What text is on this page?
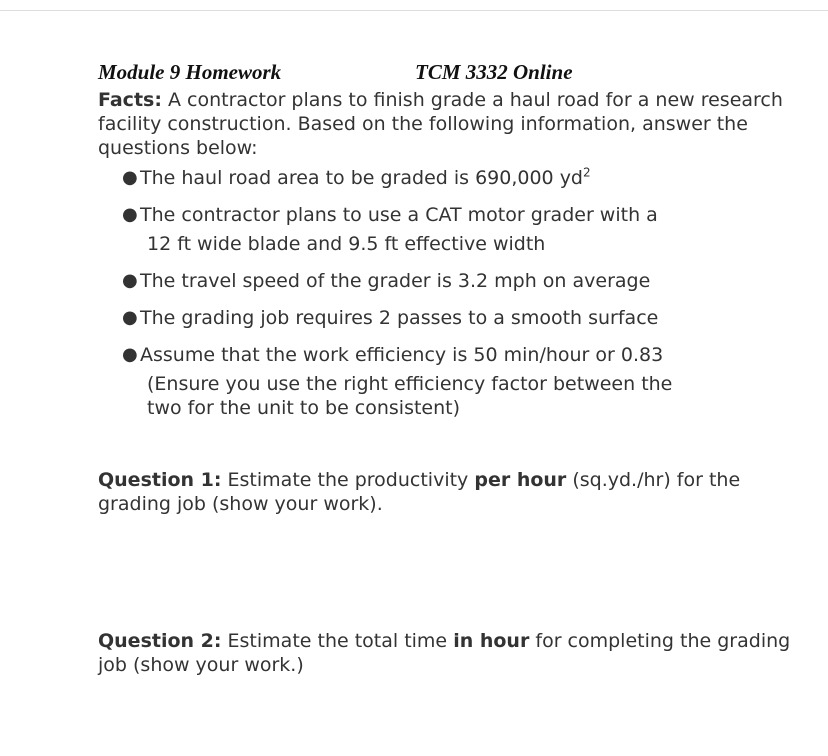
Module 9 Homework	TCM 3332 Online

Facts: A contractor plans to finish grade a haul road for a new research facility construction. Based on the following information, answer the questions below:

● The haul road area to be graded is 690,000 $yd^2$
● The contractor plans to use a CAT motor grader with a
12 ft wide blade and 9.5 ft effective width
● The travel speed of the grader is 3.2 mph on average
● The grading job requires 2 passes to a smooth surface
● Assume that the work efficiency is 50 min/hour or 0.83
(Ensure you use the right efficiency factor between the
two for the unit to be consistent)

Question 1: Estimate the productivity per hour (sq.yd./hr) for the grading job (show your work).

Question 2: Estimate the total time in hour for completing the grading job (show your work.)
